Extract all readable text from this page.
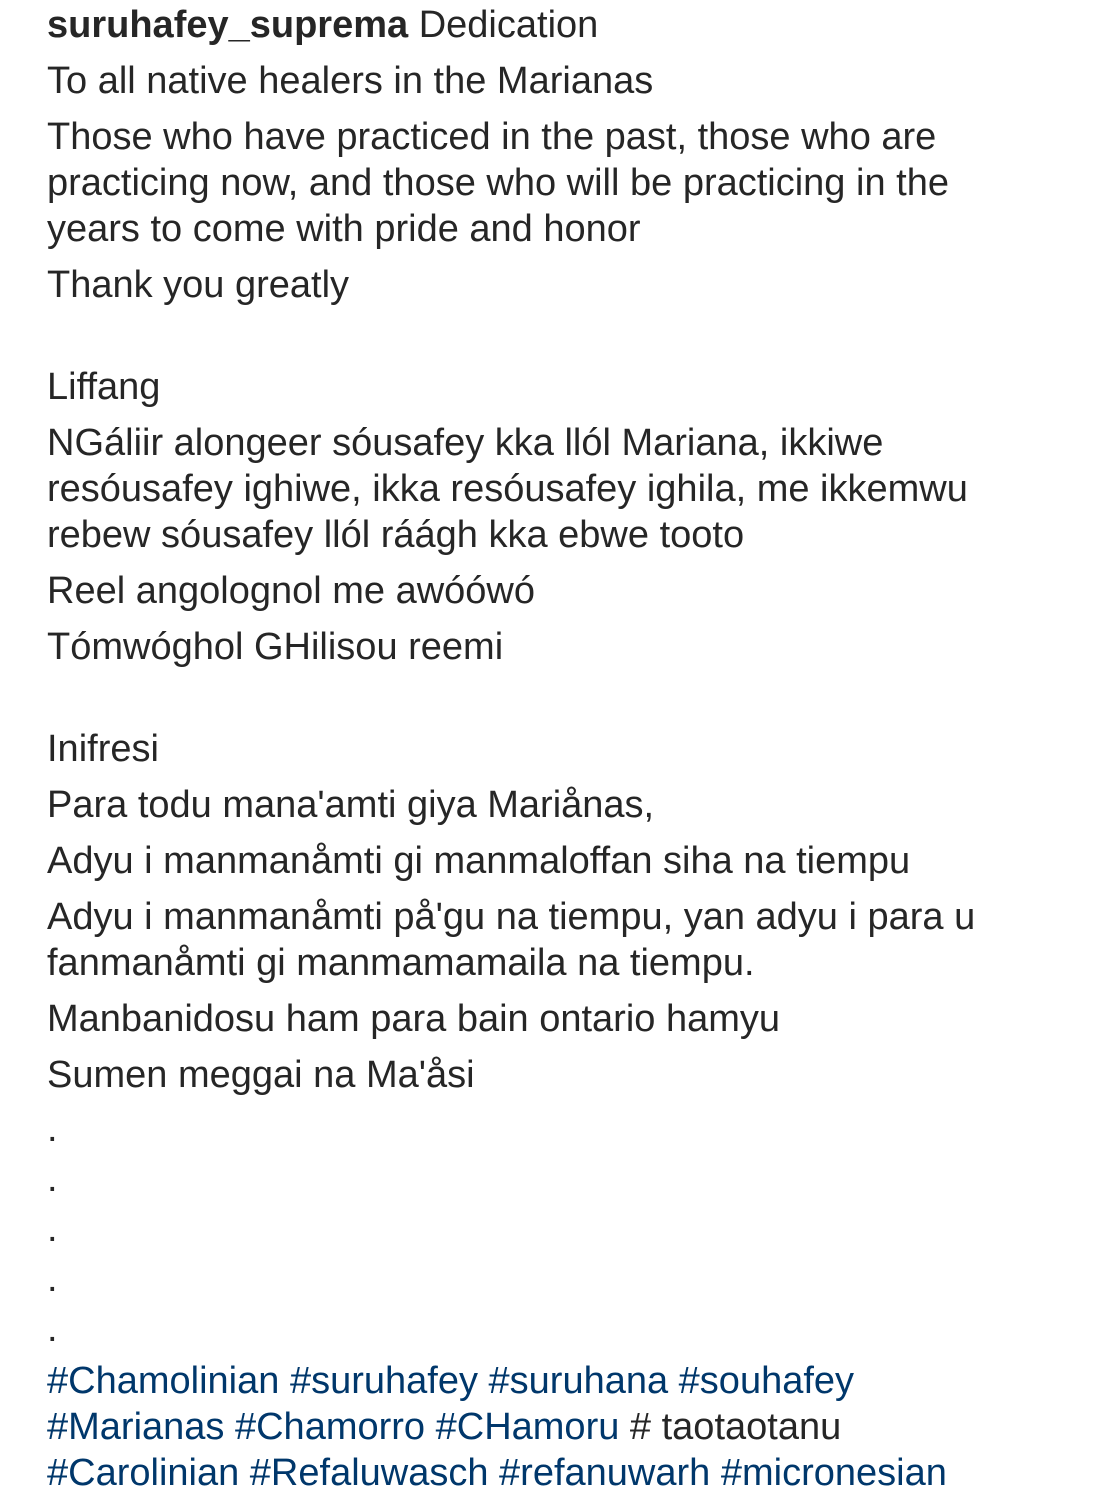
suruhafey_suprema Dedication
To all native healers in the Marianas
Those who have practiced in the past, those who are
practicing now, and those who will be practicing in the
years to come with pride and honor
Thank you greatly
Liffang
NGáliir alongeer sóusafey kka llól Mariana, ikkiwe
resóusafey ighiwe, ikka resóusafey ighila, me ikkemwu
rebew sóusafey llól ráágh kka ebwe tooto
Reel angolognol me awóówó
Tómwóghol GHilisou reemi
Inifresi
Para todu mana'amti giya Mariånas,
Adyu i manmanåmti gi manmaloffan siha na tiempu
Adyu i manmanåmti på'gu na tiempu, yan adyu i para u
fanmanåmti gi manmamamaila na tiempu.
Manbanidosu ham para bain ontario hamyu
Sumen meggai na Ma'åsi
.
.
.
.
.
#Chamolinian #suruhafey #suruhana #souhafey
#Marianas #Chamorro #CHamoru # taotaotanu
#Carolinian #Refaluwasch #refanuwarh #micronesian
